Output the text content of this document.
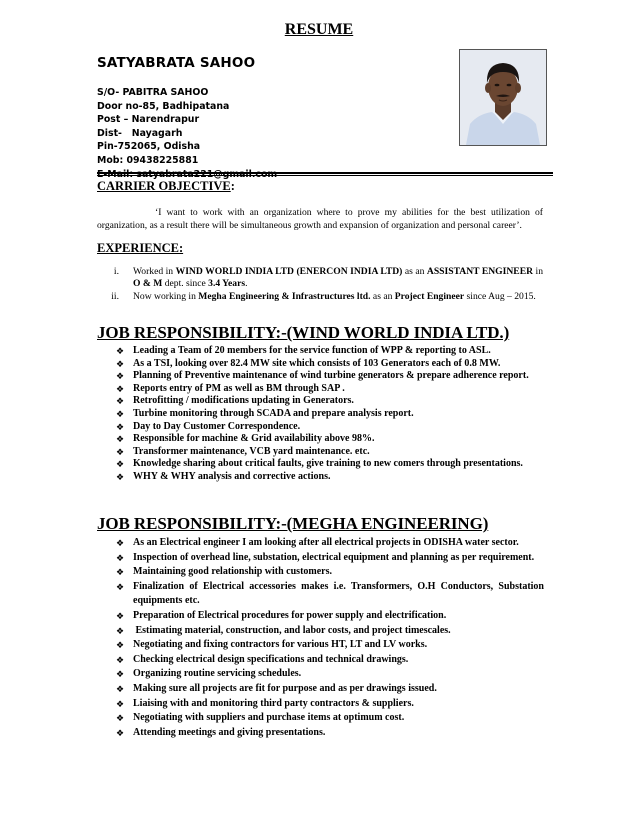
RESUME
SATYABRATA SAHOO
S/O- PABITRA SAHOO
Door no-85, Badhipatana
Post – Narendrapur
Dist-   Nayagarh
Pin-752065, Odisha
Mob: 09438225881
CARRIER OBJECTIVE:
‘I want to work with an organization where to prove my abilities for the best utilization of organization, as a result there will be simultaneous growth and expansion of organization and personal career’.
EXPERIENCE:
i.	Worked in WIND WORLD INDIA LTD (ENERCON INDIA LTD) as an ASSISTANT ENGINEER in O & M dept. since 3.4 Years.
ii.	Now working in Megha Engineering & Infrastructures ltd. as an Project Engineer since Aug – 2015.
JOB RESPONSIBILITY:-(WIND WORLD INDIA LTD.)
❖ Leading a Team of 20 members for the service function of WPP & reporting to ASL.
❖ As a TSI, looking over 82.4 MW site which consists of 103 Generators each of 0.8 MW.
❖ Planning of Preventive maintenance of wind turbine generators & prepare adherence report.
❖ Reports entry of PM as well as BM through SAP .
❖ Retrofitting / modifications updating in Generators.
❖ Turbine monitoring through SCADA and prepare analysis report.
❖ Day to Day Customer Correspondence.
❖ Responsible for machine & Grid availability above 98%.
❖ Transformer maintenance, VCB yard maintenance. etc.
❖ Knowledge sharing about critical faults, give training to new comers through presentations.
❖ WHY & WHY analysis and corrective actions.
JOB RESPONSIBILITY:-(MEGHA ENGINEERING)
❖ As an Electrical engineer I am looking after all electrical projects in ODISHA water sector.
❖ Inspection of overhead line, substation, electrical equipment and planning as per requirement.
❖ Maintaining good relationship with customers.
❖ Finalization of Electrical accessories makes i.e. Transformers, O.H Conductors, Substation equipments etc.
❖ Preparation of Electrical procedures for power supply and electrification.
❖ Estimating material, construction, and labor costs, and project timescales.
❖ Negotiating and fixing contractors for various HT, LT and LV works.
❖ Checking electrical design specifications and technical drawings.
❖ Organizing routine servicing schedules.
❖ Making sure all projects are fit for purpose and as per drawings issued.
❖ Liaising with and monitoring third party contractors & suppliers.
❖ Negotiating with suppliers and purchase items at optimum cost.
❖ Attending meetings and giving presentations.
